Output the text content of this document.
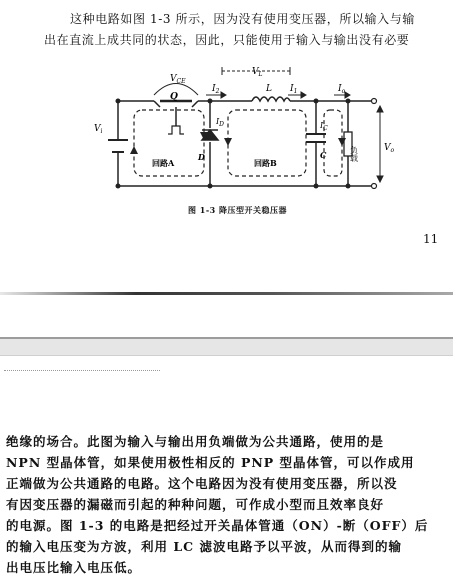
这种电路如图 1-3 所示，因为没有使用变压器，所以输入与输
出在直流上成共同的状态，因此，只能使用于输入与输出没有必要
$V_{CE}$
Q
$I_2$
$V_L$
L $I_1$	$I_o$
$V_i$
$I_D$
D
$I_C$
C
$V_o$
负载
回路A	回路B
图 1-3 降压型开关稳压器
11
绝缘的场合。此图为输入与输出用负端做为公共通路，使用的是
NPN 型晶体管，如果使用极性相反的 PNP 型晶体管，可以作成用
正端做为公共通路的电路。这个电路因为没有使用变压器，所以没
有因变压器的漏磁而引起的种种问题，可作成小型而且效率良好
的电源。图 1-3 的电路是把经过开关晶体管通（ON）-断（OFF）后
的输入电压变为方波，利用 LC 滤波电路予以平波，从而得到的输
出电压比输入电压低。
